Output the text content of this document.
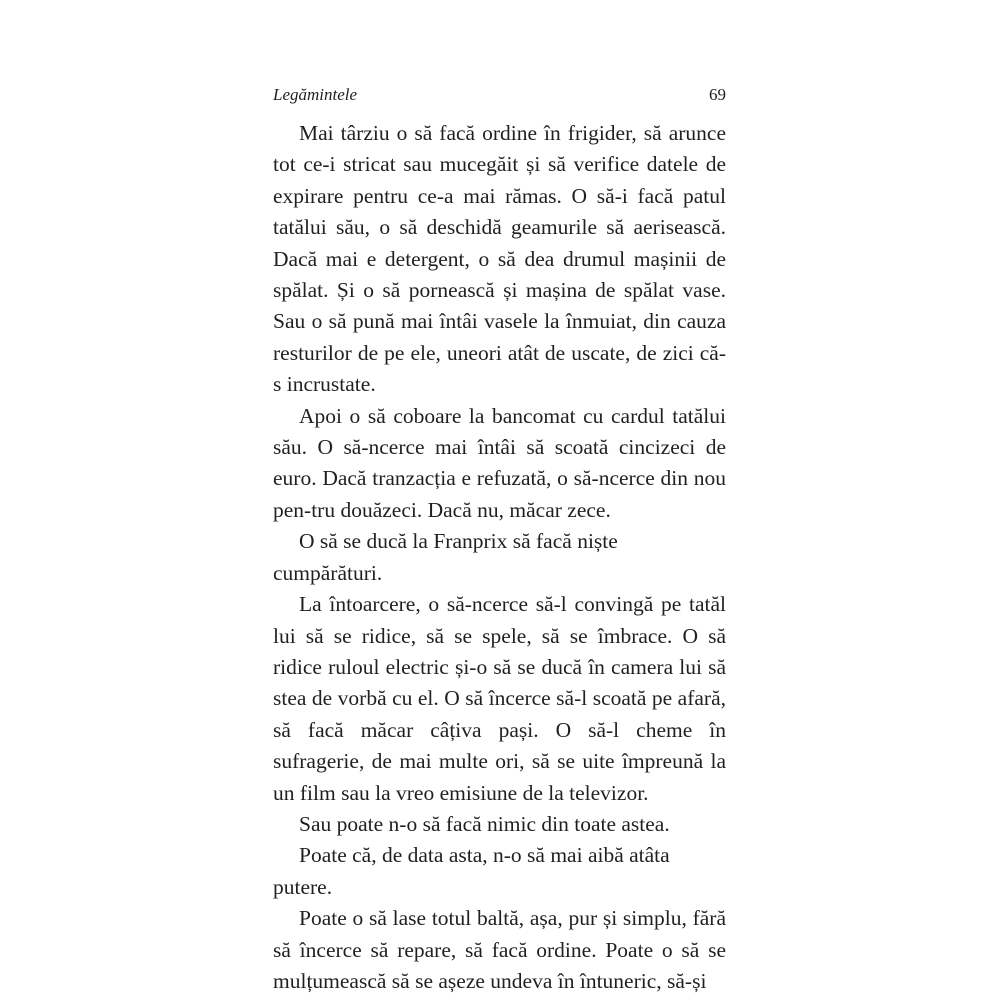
Legămintele	69

Mai târziu o să facă ordine în frigider, să arunce tot ce-i stricat sau mucegăit și să verifice datele de expirare pentru ce-a mai rămas. O să-i facă patul tatălui său, o să deschidă geamurile să aerisească. Dacă mai e detergent, o să dea drumul mașinii de spălat. Și o să pornească și mașina de spălat vase. Sau o să pună mai întâi vasele la înmuiat, din cauza resturilor de pe ele, uneori atât de uscate, de zici că-s incrustate.

Apoi o să coboare la bancomat cu cardul tatălui său. O să-ncerce mai întâi să scoată cincizeci de euro. Dacă tranzacția e refuzată, o să-ncerce din nou pen-tru douăzeci. Dacă nu, măcar zece.

O să se ducă la Franprix să facă niște cumpărături.

La întoarcere, o să-ncerce să-l convingă pe tatăl lui să se ridice, să se spele, să se îmbrace. O să ridice ruloul electric și-o să se ducă în camera lui să stea de vorbă cu el. O să încerce să-l scoată pe afară, să facă măcar câțiva pași. O să-l cheme în sufragerie, de mai multe ori, să se uite împreună la un film sau la vreo emisiune de la televizor.

Sau poate n-o să facă nimic din toate astea.

Poate că, de data asta, n-o să mai aibă atâta putere.

Poate o să lase totul baltă, așa, pur și simplu, fără să încerce să repare, să facă ordine. Poate o să se mulțumească să se așeze undeva în întuneric, să-și
